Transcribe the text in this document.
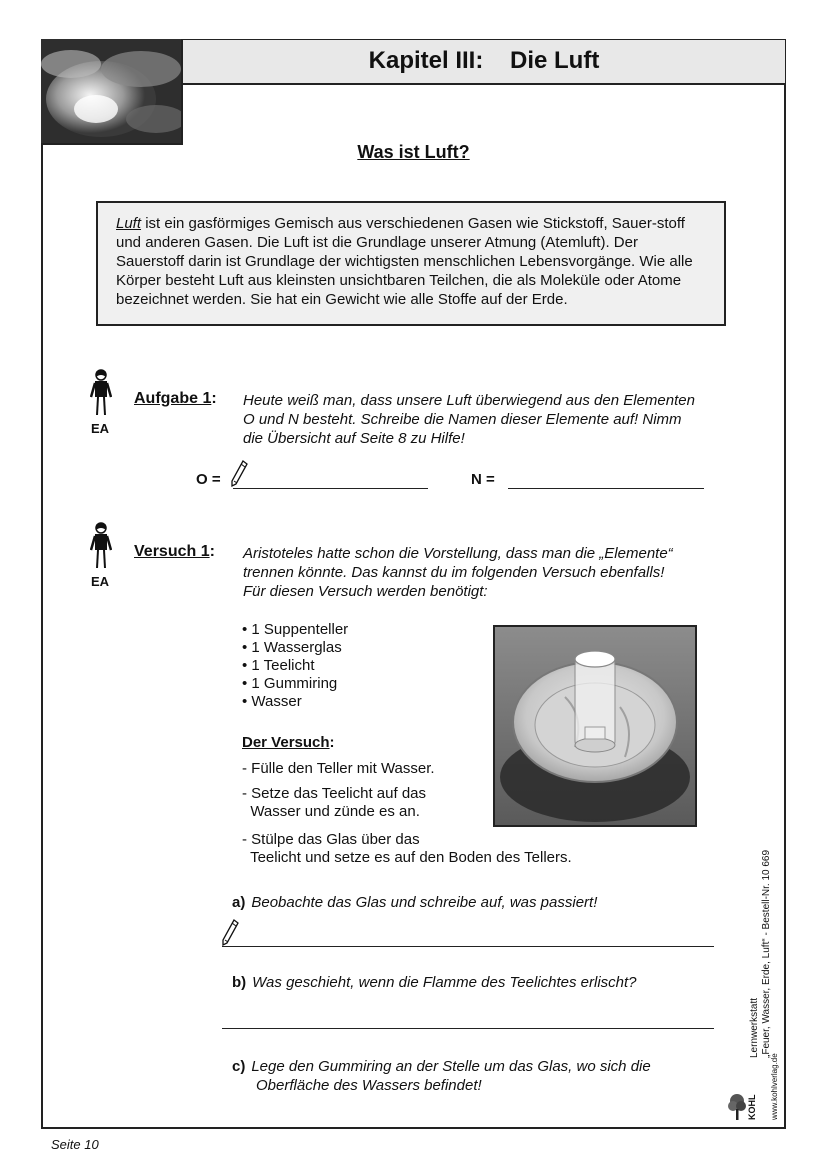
Kapitel III:    Die Luft
Was ist Luft?
Luft ist ein gasförmiges Gemisch aus verschiedenen Gasen wie Stickstoff, Sauer-stoff und anderen Gasen. Die Luft ist die Grundlage unserer Atmung (Atemluft). Der Sauerstoff darin ist Grundlage der wichtigsten menschlichen Lebensvorgänge. Wie alle Körper besteht Luft aus kleinsten unsichtbaren Teilchen, die als Moleküle oder Atome bezeichnet werden. Sie hat ein Gewicht wie alle Stoffe auf der Erde.
EA
Aufgabe 1: Heute weiß man, dass unsere Luft überwiegend aus den Elementen
O und N besteht. Schreibe die Namen dieser Elemente auf! Nimm
die Übersicht auf Seite 8 zu Hilfe!
O =	N =
EA
Versuch 1: Aristoteles hatte schon die Vorstellung, dass man die „Elemente“
trennen könnte. Das kannst du im folgenden Versuch ebenfalls!
Für diesen Versuch werden benötigt:
• 1 Suppenteller
• 1 Wasserglas
• 1 Teelicht
• 1 Gummiring
• Wasser
Der Versuch:
- Fülle den Teller mit Wasser.
- Setze das Teelicht auf das
Wasser und zünde es an.
- Stülpe das Glas über das
Teelicht und setze es auf den Boden des Tellers.
a) Beobachte das Glas und schreibe auf, was passiert!
b) Was geschieht, wenn die Flamme des Teelichtes erlischt?
c) Lege den Gummiring an der Stelle um das Glas, wo sich die
Oberfläche des Wassers befindet!
Lernwerkstatt „Feuer, Wasser, Erde, Luft“ - Bestell-Nr. 10 669
www.kohlverlag.de
KOHL
Seite 10
